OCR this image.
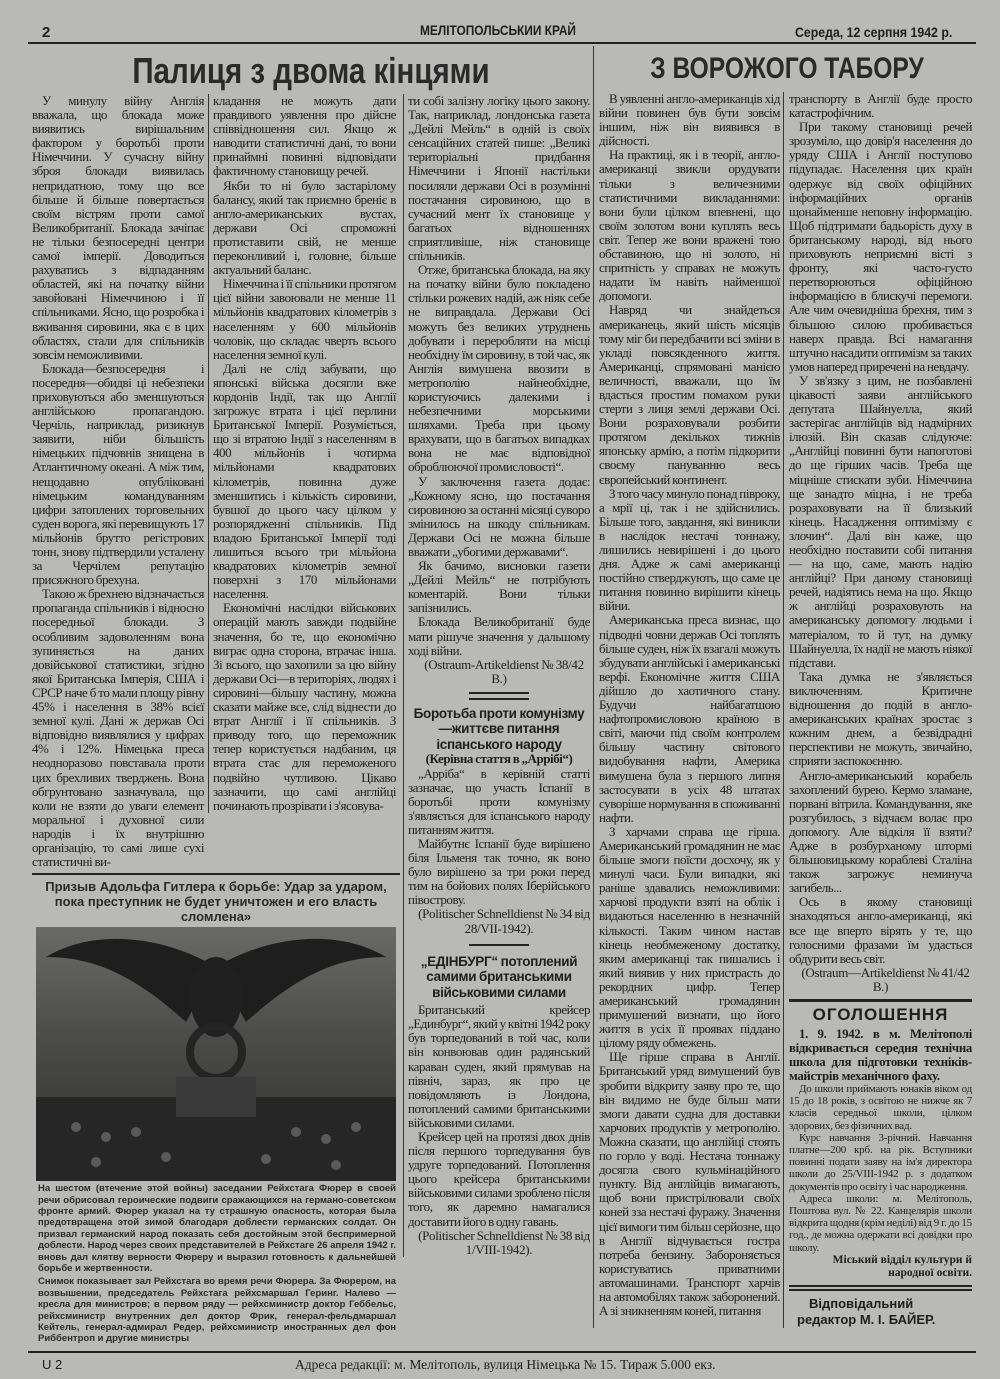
2	МЕЛІТОПОЛЬСЬКИИ КРАЙ	Середа, 12 серпня 1942 р.
Палиця з двома кінцями

У минулу війну Англія вважала, що блокада може виявитись вирішальним фактором у боротьбі проти Німеччини. У сучасну війну зброя блокади виявилась непридатною, тому що все більше й більше повертається своїм вістрям проти самої Великобританії. Блокада зачіпає не тільки безпосередні центри самої імперії. Доводиться рахуватись з відпаданням областей, які на початку війни завойовані Німеччиною і її спільниками. Ясно, що розробка і вживання сировини, яка є в цих областях, стали для спільників зовсім неможливими.

Блокада—безпосередня і посередня—обидві ці небезпеки приховуються або зменшуються англійською пропагандою. Черчіль, наприклад, ризикнув заявити, ніби більшість німецьких підчовнів знищена в Атлантичному океані. А між тим, нещодавно опубліковані німецьким командуванням цифри затоплених торговельних суден ворога, які перевищують 17 мільйонів брутто регістрових тонн, знову підтвердили усталену за Черчілем репутацію присяжного брехуна.

Такою ж брехнею відзначається пропаганда спільників і відносно посередньої блокади. З особливим задоволенням вона зупиняється на даних довійськової статистики, згідно якої Британська Імперія, США і СРСР наче б то мали площу рівну 45% і населення в 38% всієї земної кулі. Дані ж держав Осі відповідно виявлялися у цифрах 4% і 12%. Німецька преса неодноразово повставала проти цих брехливих тверджень. Вона обгрунтовано зазначувала, що коли не взяти до уваги елемент моральної і духовної сили народів і їх внутрішню організацію, то самі лише сухі статистичні ви-

кладання не можуть дати правдивого уявлення про дійсне співвідношення сил. Якщо ж наводити статистичні дані, то вони принаймні повинні відповідати фактичному становищу речей.

Якби то ні було застарілому балансу, який так приємно бреніє в англо-американських вустах, держави Осі спроможні протиставити свій, не менше переконливий і, головне, більше актуальний баланс.

Німеччина і її спільники протягом цієї війни завоювали не менше 11 мільйонів квадратових кілометрів з населенням у 600 мільйонів чоловік, що складає чверть всього населення земної кулі.

Далі не слід забувати, що японські війська досягли вже кордонів Індії, так що Англії загрожує втрата і цієї перлини Британської Імперії. Розуміється, що зі втратою Індії з населенням в 400 мільйонів і чотирма мільйонами квадратових кілометрів, повинна дуже зменшитись і кількість сировини, бувшої до цього часу цілком у розпорядженні спільників. Під владою Британської Імперії тоді лишиться всього три мільйона квадратових кілометрів земної поверхні з 170 мільйонами населення.

Економічні наслідки військових операцій мають завжди подвійне значення, бо те, що економічно виграє одна сторона, втрачає інша. Зі всього, що захопили за цю війну держави Осі—в територіях, людях і сировині—більшу частину, можна сказати майже все, слід віднести до втрат Англії і її спільників. З приводу того, що переможник тепер користується надбаним, ця втрата стає для переможеного подвійно чутливою. Цікаво зазначити, що самі англійці починають прозрівати і з'ясовува-

Призыв Адольфа Гитлера к борьбе: Удар за ударом, пока преступник не будет уничтожен и его власть сломлена»
На шестом (втечение этой войны) заседании Рейхстага Фюрер в своей речи обрисовал героические подвиги сражающихся на германо-советском фронте армий. Фюрер указал на ту страшную опасность, которая была предотвращена этой зимой благодаря доблести германских солдат. Он призвал германский народ показать себя достойным этой беспримерной доблести. Народ через своих представителей в Рейхстаге 26 апреля 1942 г. вновь дал клятву верности Фюреру и выразил готовность к дальнейшей борьбе и жертвенности.
Снимок показывает зал Рейхстага во время речи Фюрера. За Фюрером, на возвышении, председатель Рейхстага рейхсмаршал Геринг. Налево — кресла для министров; в первом ряду — рейхсминистр доктор Геббельс, рейхсминистр внутренних дел доктор Фрик, генерал-фельдмаршал Кейтель, генерал-адмирал Редер, рейхсминистр иностранных дел фон Риббентроп и другие министры

ти собі залізну логіку цього закону. Так, наприклад, лондонська газета „Дейлі Мейль“ в одній із своїх сенсаційних статей пише: „Великі територіальні придбання Німеччини і Японії настільки посиляли держави Осі в розумінні постачання сировиною, що в сучасний мент їх становище у багатьох відношеннях сприятливіше, ніж становище спільників.

Отже, британська блокада, на яку на початку війни було покладено стільки рожевих надій, аж ніяк себе не виправдала. Держави Осі можуть без великих утруднень добувати і переробляти на місці необхідну їм сировину, в той час, як Англія вимушена ввозити в метрополію найнеобхідне, користуючись далекими і небезпечними морськими шляхами. Треба при цьому врахувати, що в багатьох випадках вона не має відповідної оброблюючої промисловості“.

У заключення газета додає: „Кожному ясно, що постачання сировиною за останні місяці суворо змінилось на шкоду спільникам. Держави Осі не можна більше вважати „убогими державами“.

Як бачимо, висновки газети „Дейлі Мейль“ не потрібують коментарій. Вони тільки запізнились.

Блокада Великобританії буде мати рішуче значення у дальшому ході війни.

(Ostraum-Artikeldienst № 38/42 B.)

Боротьба проти комунізму—життєве питання іспанського народу
(Керівна стаття в „Аррібі“)

„Арріба“ в керівній статті зазначає, що участь Іспанії в боротьбі проти комунізму з'являється для іспанського народу питанням життя.

Майбутнє Іспанії буде вирішено біля Ільменя так точно, як воно було вирішено за три роки перед тим на бойових полях Іберійського півострову.

(Politischer Schnelldienst № 34 від 28/VII-1942).

„ЕДІНБУРГ“ потоплений самими британськими військовими силами

Британський крейсер „Единбург“, який у квітні 1942 року був торпедований в той час, коли він конвоював один радянський караван суден, який прямував на північ, зараз, як про це повідомляють із Лондона, потоплений самими британськими військовими силами.

Крейсер цей на протязі двох днів після першого торпедування був удруге торпедований. Потоплення цього крейсера британськими військовими силами зроблено після того, як даремно намагалися доставити його в одну гавань.

(Politischer Schnelldienst № 38 від 1/VIII-1942).

З ВОРОЖОГО ТАБОРУ

В уявленні англо-американців хід війни повинен був бути зовсім іншим, ніж він виявився в дійсності.

На практиці, як і в теорії, англо-американці звикли орудувати тільки з величезними статистичними викладаннями: вони були цілком впевнені, що своїм золотом вони куплять весь світ. Тепер же вони вражені тою обставиною, що ні золото, ні спритність у справах не можуть надати їм навіть найменшої допомоги.

Навряд чи знайдеться американець, який шість місяців тому міг би передбачити всі зміни в укладі повсякденного життя. Американці, спрямовані манією величності, вважали, що їм вдасться простим помахом руки стерти з лиця землі держави Осі. Вони розраховували розбити протягом декількох тижнів японську армію, а потім підкорити своєму пануванню весь європейський континент.

З того часу минуло понад півроку, а мрії ці, так і не здійснились. Більше того, завдання, які виникли в наслідок нестачі тоннажу, лишились невирішені і до цього дня. Адже ж самі американці постійно стверджують, що саме це питання повинно вирішити кінець війни.

Американська преса визнає, що підводні човни держав Осі топлять більше суден, ніж їх взагалі можуть збудувати англійські і американські верфі. Економічне життя США дійшло до хаотичного стану. Будучи найбагатшою нафтопромисловою країною в світі, маючи під своїм контролем більшу частину світового видобування нафти, Америка вимушена була з першого липня застосувати в усіх 48 штатах суворіше нормування в споживанні нафти.

З харчами справа ще гірша. Американський громадянин не має більше змоги поїсти досхочу, як у минулі часи. Були випадки, які раніше здавались неможливими: харчові продукти взяті на облік і видаються населенню в незначній кількості. Таким чином настав кінець необмеженому достатку, яким американці так пишались і який виявив у них пристрасть до рекордних цифр. Тепер американський громадянин примушений визнати, що його життя в усіх її проявах піддано цілому ряду обмежень.

Ще гірше справа в Англії. Британський уряд вимушений був зробити відкриту заяву про те, що він видимо не буде більш мати змоги давати судна для доставки харчових продуктів у метрополію. Можна сказати, що англійці стоять по горло у воді. Нестача тоннажу досягла свого кульмінаційного пункту. Від англійців вимагають, щоб вони пристрілювали своїх коней зза нестачі фуражу. Значення цієї вимоги тим більш серйозне, що в Англії відчувається гостра потреба бензину. Забороняється користуватись приватними автомашинами. Транспорт харчів на автомобілях також заборонений. А зі зникненням коней, питання

транспорту в Англії буде просто катастрофічним.

При такому становищі речей зрозуміло, що довір'я населення до уряду США і Англії поступово підупадає. Населення цих країн одержує від своїх офіційних інформаційних органів щонайменше неповну інформацію. Щоб підтримати бадьорість духу в британському народі, від нього приховують неприємні вісті з фронту, які часто-густо перетворюються офіційною інформацією в блискучі перемоги. Але чим очевидніша брехня, тим з більшою силою пробивається наверх правда. Всі намагання штучно насадити оптимізм за таких умов наперед приречені на невдачу.

У зв'язку з цим, не позбавлені цікавості заяви англійського депутата Шайнуелла, який застерігає англійців від надмірних ілюзій. Він сказав слідуюче: „Англійці повинні бути напоготові до ще гірших часів. Треба ще міцніше стискати зуби. Німеччина ще занадто міцна, і не треба розраховувати на її близький кінець. Насадження оптимізму є злочин“. Далі він каже, що необхідно поставити собі питання — на що, саме, мають надію англійці? При даному становищі речей, надіятись нема на що. Якщо ж англійці розраховують на американську допомогу людьми і матеріалом, то й тут, на думку Шайнуелла, їх надії не мають ніякої підстави.

Така думка не з'являється виключенням. Критичне відношення до подій в англо-американських країнах зростає з кожним днем, а безвідрадні перспективи не можуть, звичайно, сприяти заспокоєнню.

Англо-американський корабель захоплений бурею. Кермо зламане, порвані вітрила. Командування, яке розгубилось, з відчаєм волає про допомогу. Але відкіля її взяти? Адже в розбурханому штормі більшовицькому кораблеві Сталіна також загрожує неминуча загибель...

Ось в якому становищі знаходяться англо-американці, які все ще вперто вірять у те, що голосними фразами їм удасться обдурити весь світ.

(Ostraum—Artikeldienst № 41/42 B.)

ОГОЛОШЕННЯ

1. 9. 1942. в м. Мелітополі відкривається середня технічна школа для підготовки техніків-майстрів механічного фаху.

До школи приймають юнаків віком од 15 до 18 років, з освітою не нижче як 7 класів середньої школи, цілком здорових, без фізичних вад.

Курс навчання 3-річний. Навчання платне—200 крб. на рік. Вступники повинні подати заяву на ім'я директора школи до 25/VIII-1942 р. з додатком документів про освіту і час народження.

Адреса школи: м. Мелітополь, Поштова вул. № 22. Канцелярія школи відкрита щодня (крім неділі) від 9 г. до 15 год., де можна одержати всі довідки про школу.

Міський відділ культури й народної освіти.

Відповідальний
редактор М. І. БАЙЕР.
U 2	Адреса редакції: м. Мелітополь, вулиця Німецька № 15. Тираж 5.000 екз.
